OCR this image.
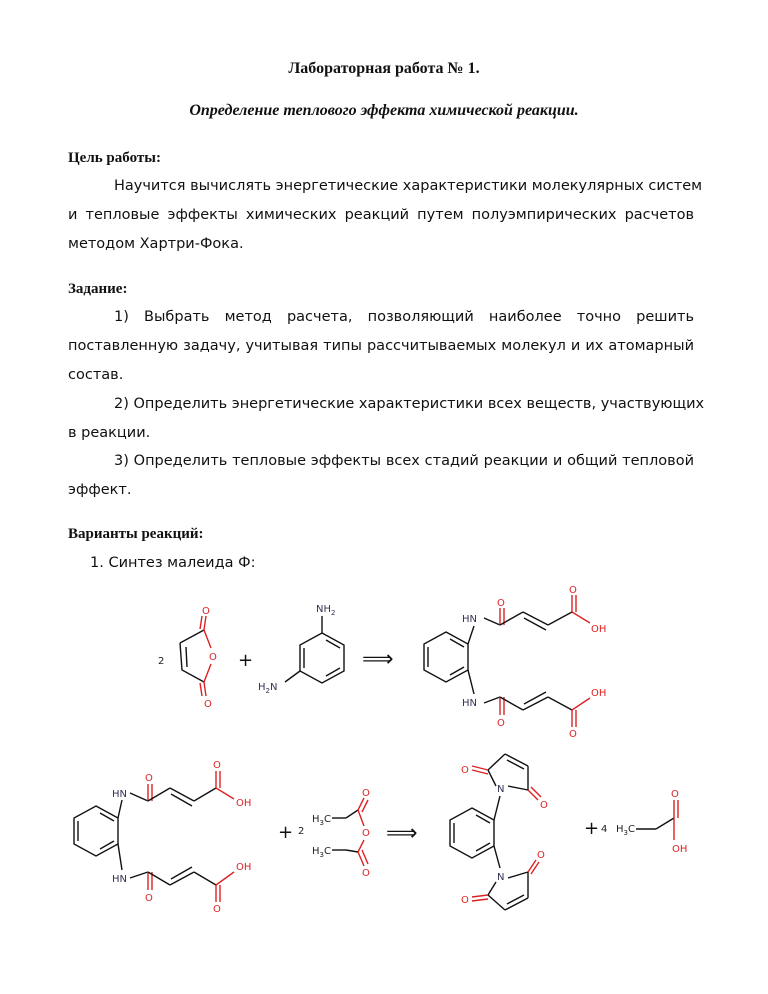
Лабораторная работа № 1.
Определение теплового эффекта химической реакции.
Цель работы:
Научится вычислять энергетические характеристики молекулярных систем
и тепловые эффекты химических реакций путем полуэмпирических расчетов
методом Хартри-Фока.
Задание:
1) Выбрать метод расчета, позволяющий наиболее точно решить
поставленную задачу, учитывая типы рассчитываемых молекул и их атомарный
состав.
2) Определить энергетические характеристики всех веществ, участвующих
в реакции.
3) Определить тепловые эффекты всех стадий реакции и общий тепловой
эффект.
Варианты реакций:
1. Синтез малеида Ф:
2
O
O
O
+
$NH_2$
$H_2N$
⟹
HN
O
O
OH
HN
O
O
OH
HN
O
O
OH
HN
O
O
OH
+ 2
$H_3C$
O
O
$H_3C$
O
⟹
N
O
O
N
O
O
+ 4 $H_3C$
O
OH
